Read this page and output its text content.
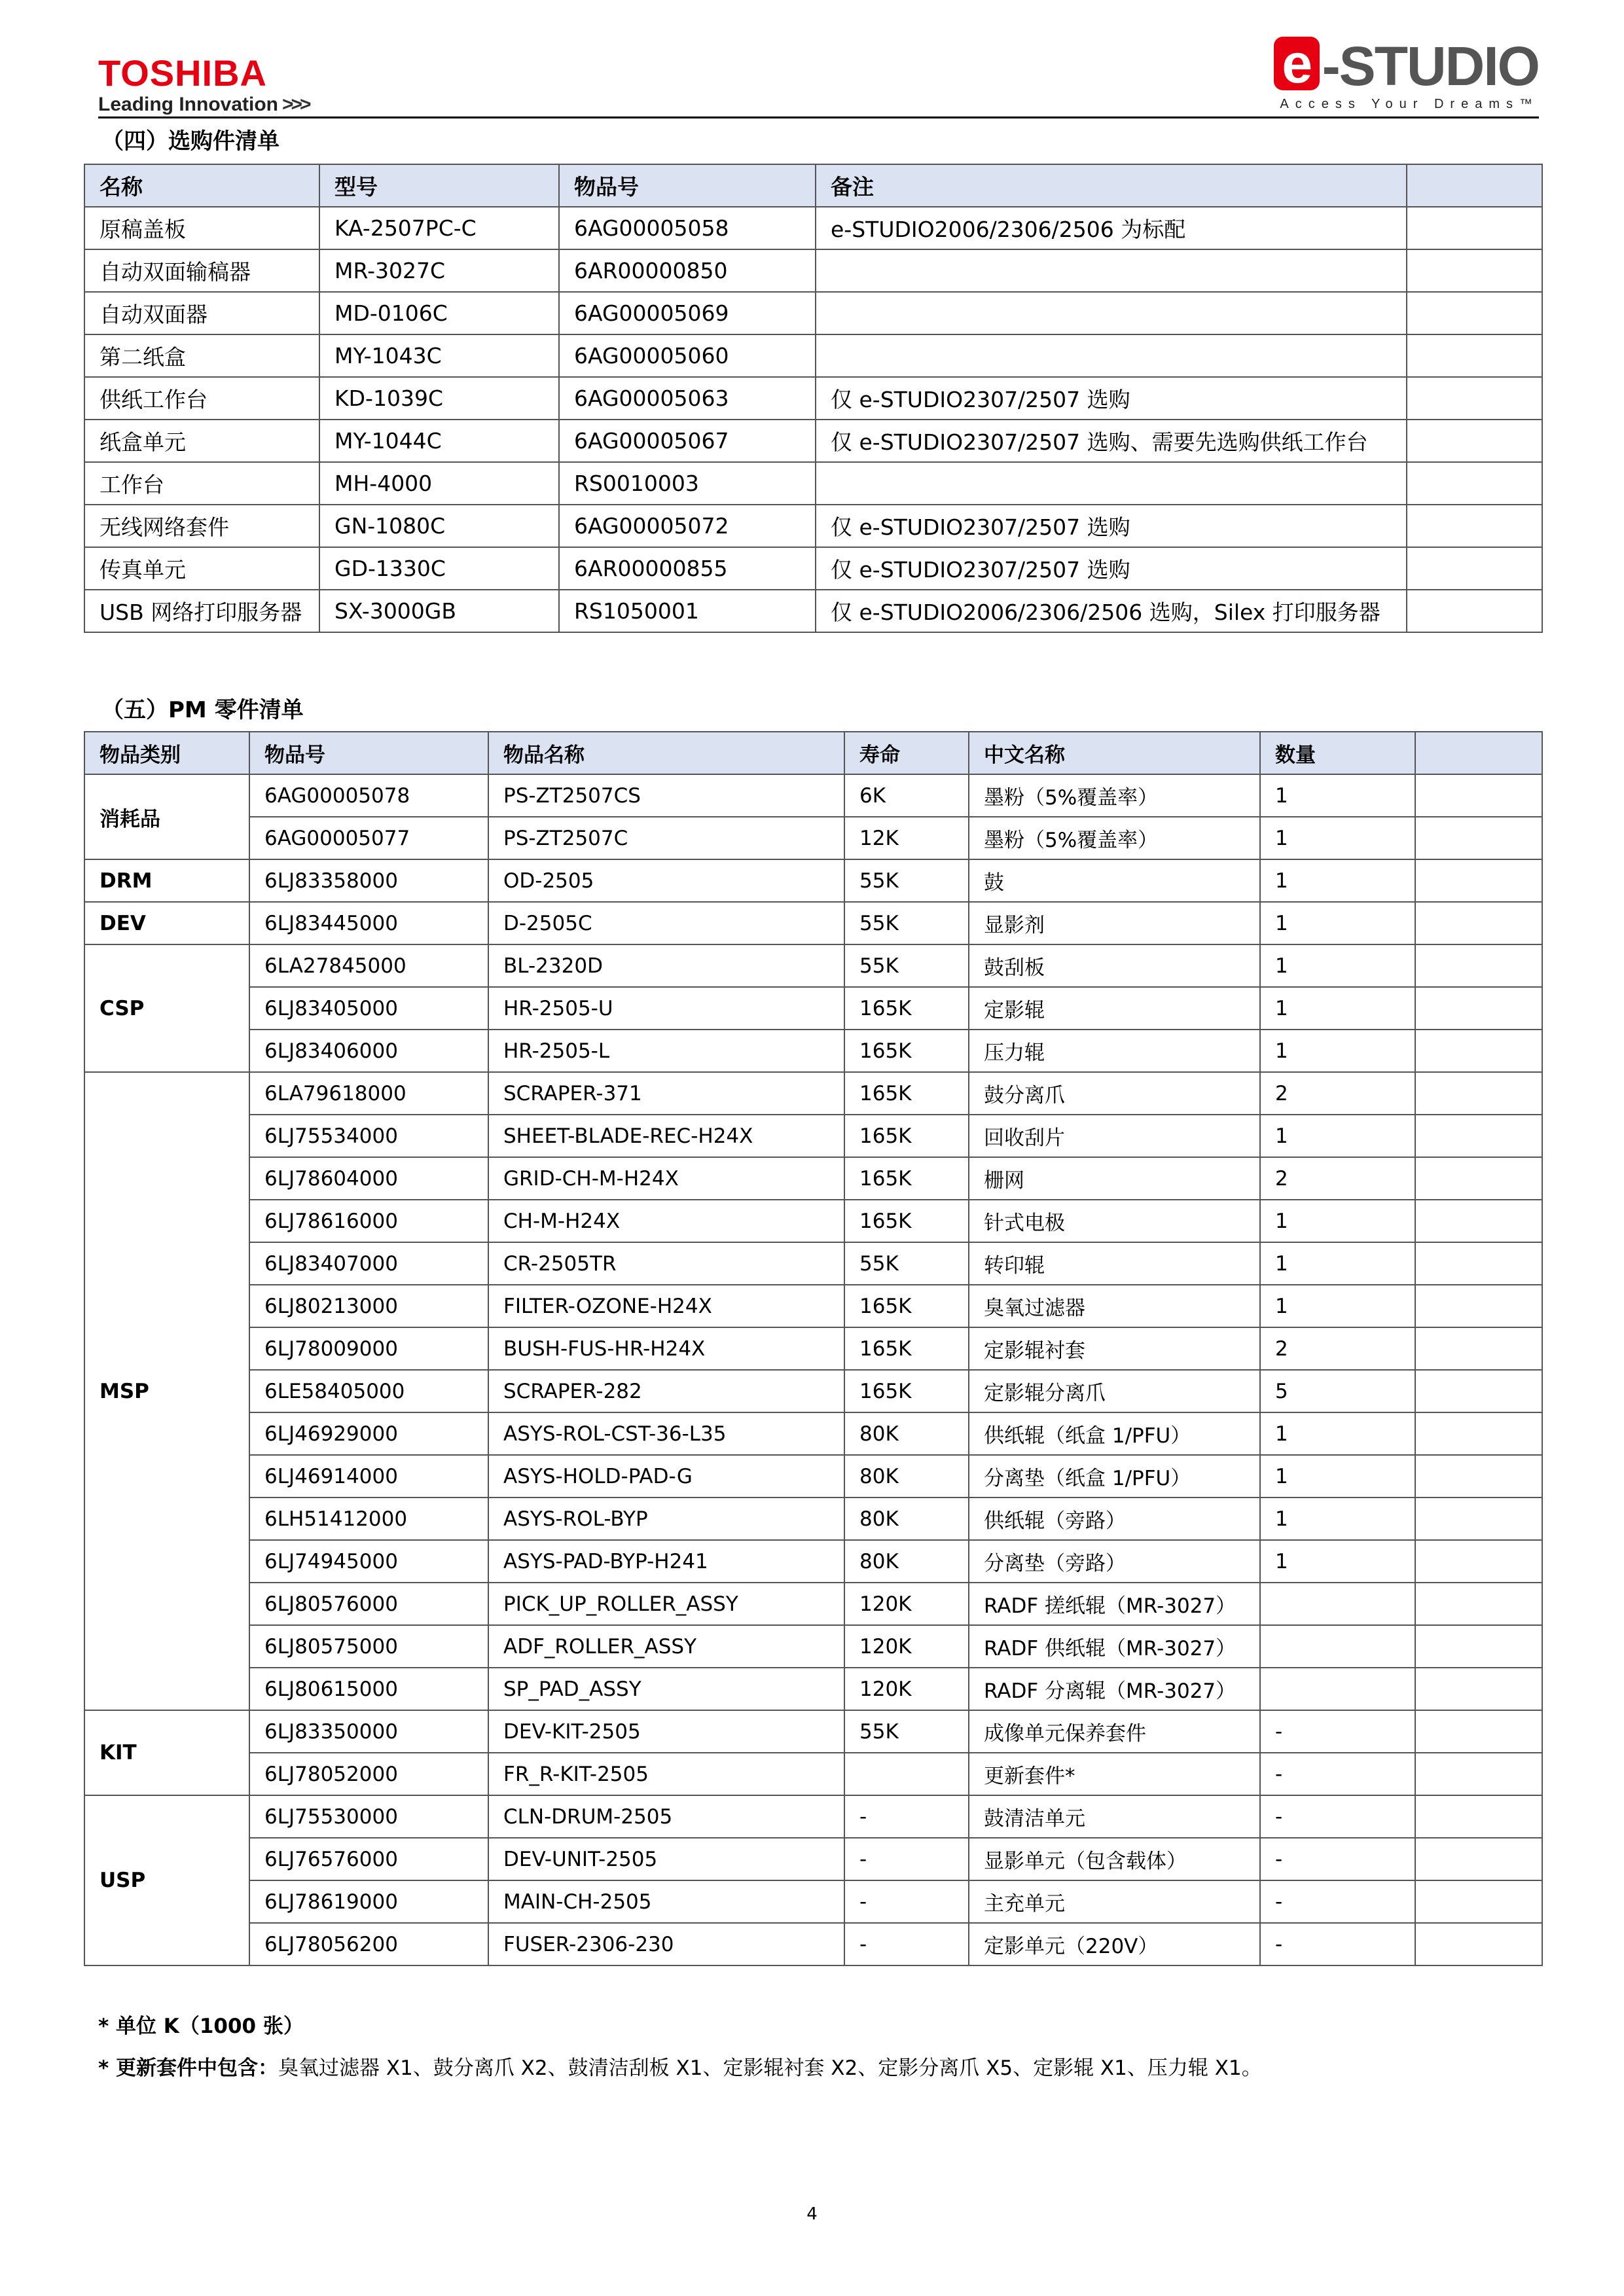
TOSHIBA
Leading Innovation >>>
e -STUDIO
Access Your Dreams™
（四）选购件清单
名称	型号	物品号	备注	
原稿盖板	KA-2507PC-C	6AG00005058	e-STUDIO2006/2306/2506 为标配	
自动双面输稿器	MR-3027C	6AR00000850		
自动双面器	MD-0106C	6AG00005069		
第二纸盒	MY-1043C	6AG00005060		
供纸工作台	KD-1039C	6AG00005063	仅 e-STUDIO2307/2507 选购	
纸盒单元	MY-1044C	6AG00005067	仅 e-STUDIO2307/2507 选购、需要先选购供纸工作台	
工作台	MH-4000	RS0010003		
无线网络套件	GN-1080C	6AG00005072	仅 e-STUDIO2307/2507 选购	
传真单元	GD-1330C	6AR00000855	仅 e-STUDIO2307/2507 选购	
USB 网络打印服务器	SX-3000GB	RS1050001	仅 e-STUDIO2006/2306/2506 选购，Silex 打印服务器	
（五）PM 零件清单
物品类别	物品号	物品名称	寿命	中文名称	数量	
消耗品	6AG00005078	PS-ZT2507CS	6K	墨粉（5%覆盖率）	1	
	6AG00005077	PS-ZT2507C	12K	墨粉（5%覆盖率）	1	
DRM	6LJ83358000	OD-2505	55K	鼓	1	
DEV	6LJ83445000	D-2505C	55K	显影剂	1	
CSP	6LA27845000	BL-2320D	55K	鼓刮板	1	
	6LJ83405000	HR-2505-U	165K	定影辊	1	
	6LJ83406000	HR-2505-L	165K	压力辊	1	
MSP	6LA79618000	SCRAPER-371	165K	鼓分离爪	2	
	6LJ75534000	SHEET-BLADE-REC-H24X	165K	回收刮片	1	
	6LJ78604000	GRID-CH-M-H24X	165K	栅网	2	
	6LJ78616000	CH-M-H24X	165K	针式电极	1	
	6LJ83407000	CR-2505TR	55K	转印辊	1	
	6LJ80213000	FILTER-OZONE-H24X	165K	臭氧过滤器	1	
	6LJ78009000	BUSH-FUS-HR-H24X	165K	定影辊衬套	2	
	6LE58405000	SCRAPER-282	165K	定影辊分离爪	5	
	6LJ46929000	ASYS-ROL-CST-36-L35	80K	供纸辊（纸盒 1/PFU）	1	
	6LJ46914000	ASYS-HOLD-PAD-G	80K	分离垫（纸盒 1/PFU）	1	
	6LH51412000	ASYS-ROL-BYP	80K	供纸辊（旁路）	1	
	6LJ74945000	ASYS-PAD-BYP-H241	80K	分离垫（旁路）	1	
	6LJ80576000	PICK_UP_ROLLER_ASSY	120K	RADF 搓纸辊（MR-3027）		
	6LJ80575000	ADF_ROLLER_ASSY	120K	RADF 供纸辊（MR-3027）		
	6LJ80615000	SP_PAD_ASSY	120K	RADF 分离辊（MR-3027）		
KIT	6LJ83350000	DEV-KIT-2505	55K	成像单元保养套件	-	
	6LJ78052000	FR_R-KIT-2505		更新套件*	-	
USP	6LJ75530000	CLN-DRUM-2505	-	鼓清洁单元	-	
	6LJ76576000	DEV-UNIT-2505	-	显影单元（包含载体）	-	
	6LJ78619000	MAIN-CH-2505	-	主充单元	-	
	6LJ78056200	FUSER-2306-230	-	定影单元（220V）	-	
* 单位 K（1000 张）
* 更新套件中包含：臭氧过滤器 X1、鼓分离爪 X2、鼓清洁刮板 X1、定影辊衬套 X2、定影分离爪 X5、定影辊 X1、压力辊 X1。
4
